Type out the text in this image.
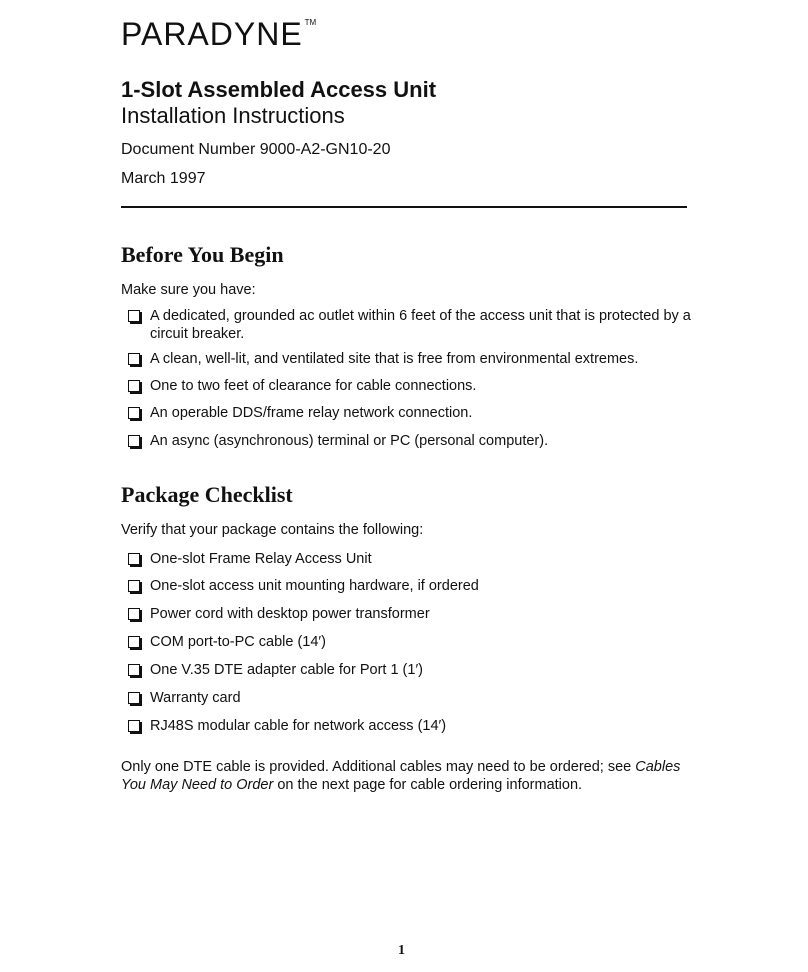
PARADYNE TM
1-Slot Assembled Access Unit
Installation Instructions
Document Number 9000-A2-GN10-20
March 1997
Before You Begin
Make sure you have:
A dedicated, grounded ac outlet within 6 feet of the access unit that is protected by a circuit breaker.
A clean, well-lit, and ventilated site that is free from environmental extremes.
One to two feet of clearance for cable connections.
An operable DDS/frame relay network connection.
An async (asynchronous) terminal or PC (personal computer).
Package Checklist
Verify that your package contains the following:
One-slot Frame Relay Access Unit
One-slot access unit mounting hardware, if ordered
Power cord with desktop power transformer
COM port-to-PC cable (14′)
One V.35 DTE adapter cable for Port 1 (1′)
Warranty card
RJ48S modular cable for network access (14′)
Only one DTE cable is provided. Additional cables may need to be ordered; see Cables You May Need to Order on the next page for cable ordering information.
1
